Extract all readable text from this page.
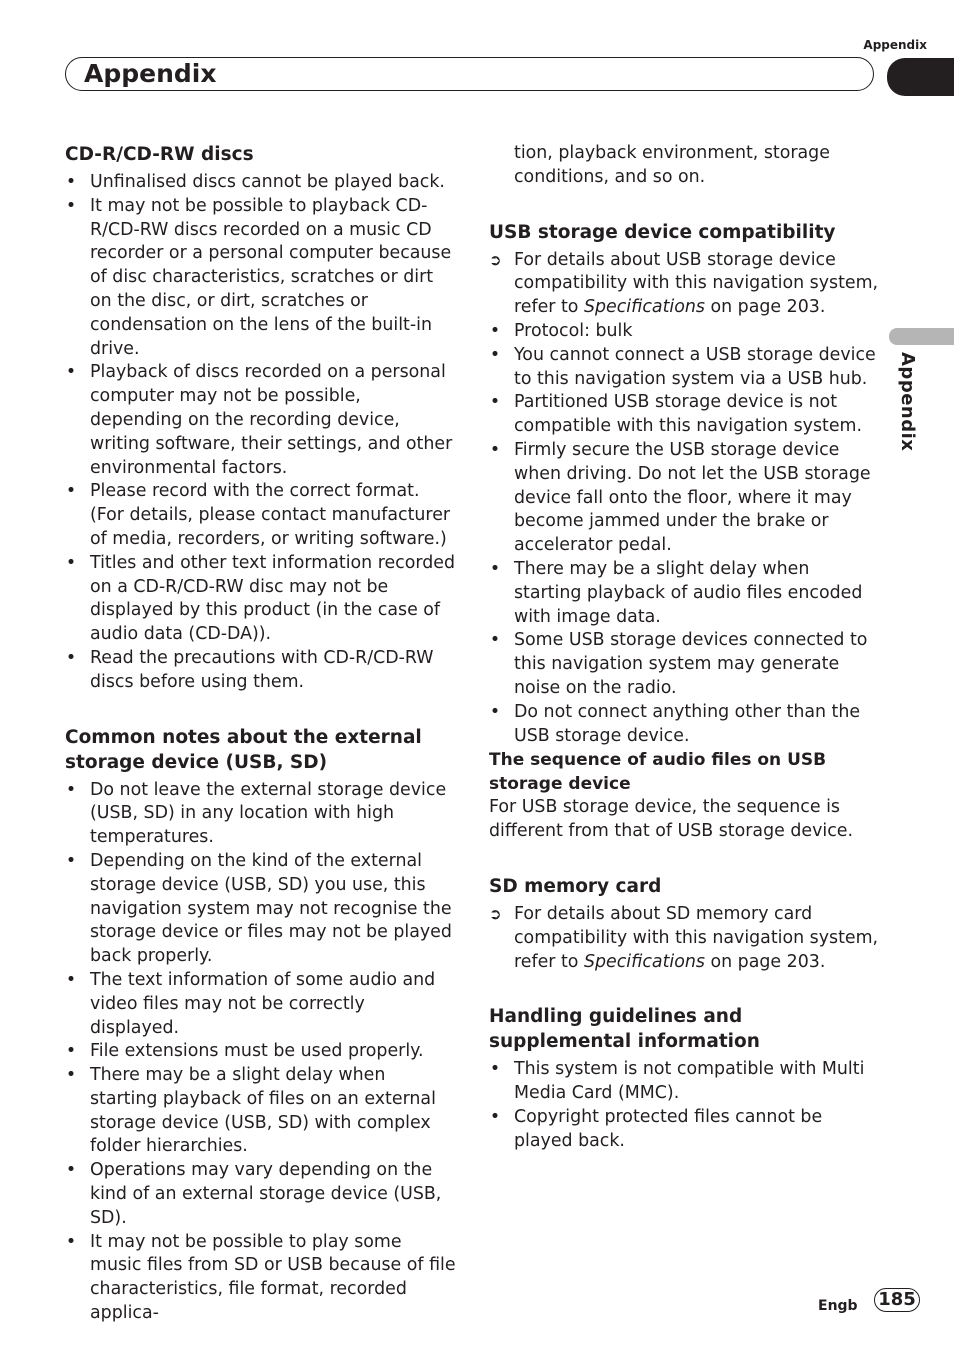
Appendix
Appendix
Appendix
CD-R/CD-RW discs
• Unfinalised discs cannot be played back.
• It may not be possible to playback CD-R/CD-RW discs recorded on a music CD recorder or a personal computer because of disc characteristics, scratches or dirt on the disc, or dirt, scratches or condensation on the lens of the built-in drive.
• Playback of discs recorded on a personal computer may not be possible, depending on the recording device, writing software, their settings, and other environmental factors.
• Please record with the correct format. (For details, please contact manufacturer of media, recorders, or writing software.)
• Titles and other text information recorded on a CD-R/CD-RW disc may not be displayed by this product (in the case of audio data (CD-DA)).
• Read the precautions with CD-R/CD-RW discs before using them.
Common notes about the external storage device (USB, SD)
• Do not leave the external storage device (USB, SD) in any location with high temperatures.
• Depending on the kind of the external storage device (USB, SD) you use, this navigation system may not recognise the storage device or files may not be played back properly.
• The text information of some audio and video files may not be correctly displayed.
• File extensions must be used properly.
• There may be a slight delay when starting playback of files on an external storage device (USB, SD) with complex folder hierarchies.
• Operations may vary depending on the kind of an external storage device (USB, SD).
• It may not be possible to play some music files from SD or USB because of file characteristics, file format, recorded applica-

tion, playback environment, storage conditions, and so on.

USB storage device compatibility
➲ For details about USB storage device compatibility with this navigation system, refer to Specifications on page 203.
• Protocol: bulk
• You cannot connect a USB storage device to this navigation system via a USB hub.
• Partitioned USB storage device is not compatible with this navigation system.
• Firmly secure the USB storage device when driving. Do not let the USB storage device fall onto the floor, where it may become jammed under the brake or accelerator pedal.
• There may be a slight delay when starting playback of audio files encoded with image data.
• Some USB storage devices connected to this navigation system may generate noise on the radio.
• Do not connect anything other than the USB storage device.
The sequence of audio files on USB storage device

For USB storage device, the sequence is different from that of USB storage device.

SD memory card
➲ For details about SD memory card compatibility with this navigation system, refer to Specifications on page 203.
Handling guidelines and supplemental information
• This system is not compatible with Multi Media Card (MMC).
• Copyright protected files cannot be played back.
Engb 185
